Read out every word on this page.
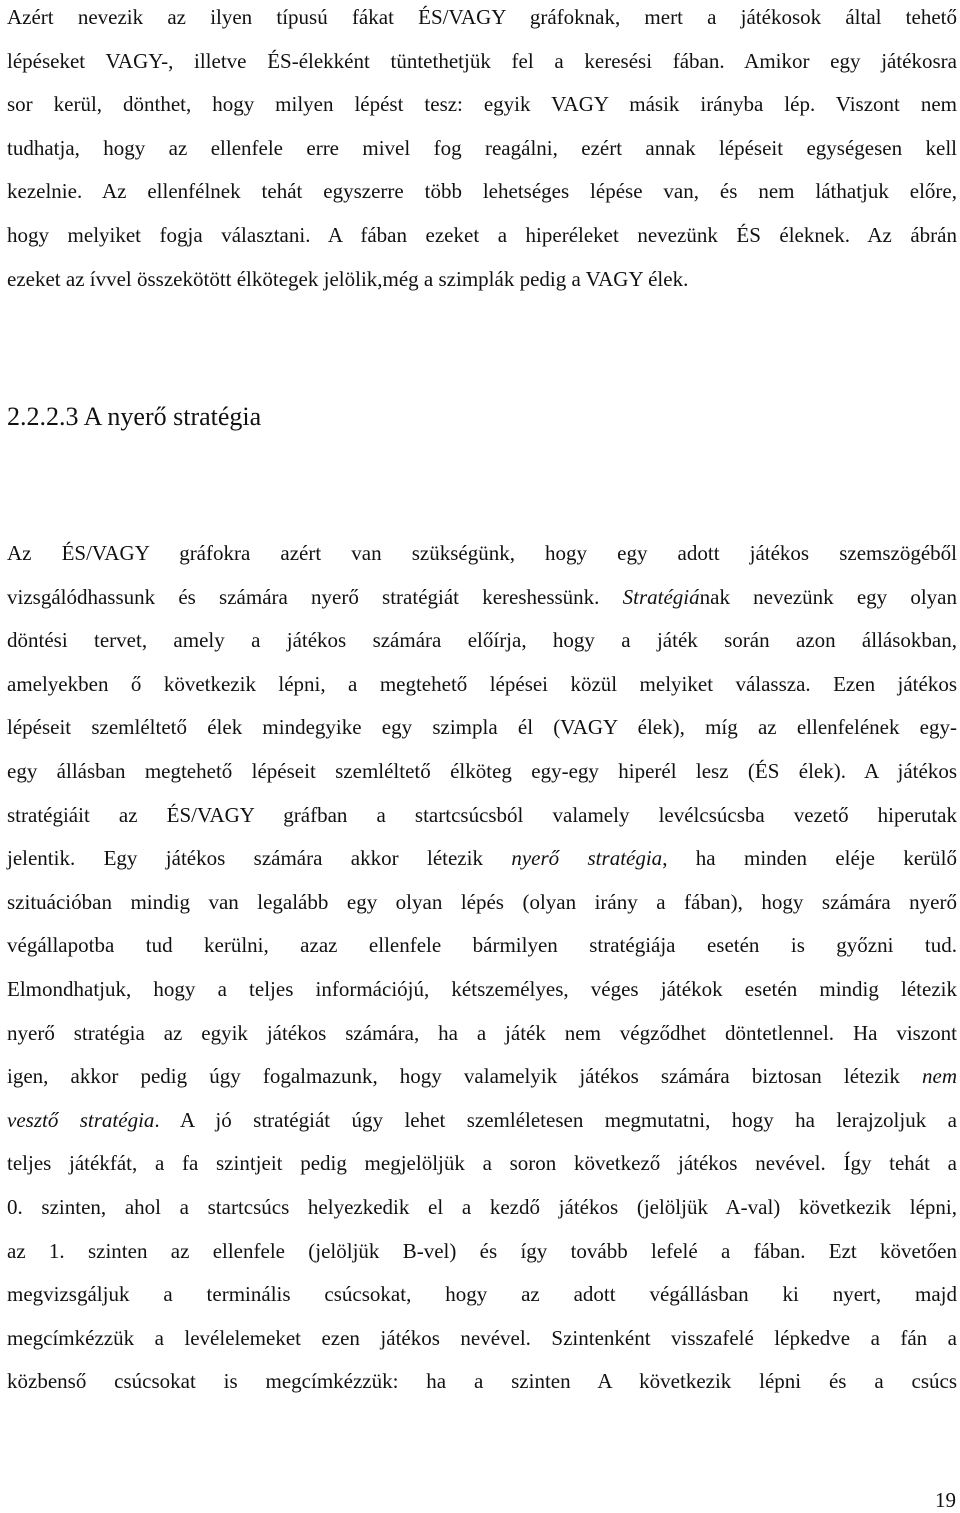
Azért nevezik az ilyen típusú fákat ÉS/VAGY gráfoknak, mert a játékosok által tehető
lépéseket VAGY-, illetve ÉS-élekként tüntethetjük fel a keresési fában. Amikor egy játékosra
sor kerül, dönthet, hogy milyen lépést tesz: egyik VAGY másik irányba lép. Viszont nem
tudhatja, hogy az ellenfele erre mivel fog reagálni, ezért annak lépéseit egységesen kell
kezelnie. Az ellenfélnek tehát egyszerre több lehetséges lépése van, és nem láthatjuk előre,
hogy melyiket fogja választani. A fában ezeket a hiperéleket nevezünk ÉS éleknek. Az ábrán
ezeket az ívvel összekötött élkötegek jelölik,még a szimplák pedig a VAGY élek.

2.2.2.3 A nyerő stratégia

Az ÉS/VAGY gráfokra azért van szükségünk, hogy egy adott játékos szemszögéből
vizsgálódhassunk és számára nyerő stratégiát kereshessünk. Stratégiának nevezünk egy olyan
döntési tervet, amely a játékos számára előírja, hogy a játék során azon állásokban,
amelyekben ő következik lépni, a megtehető lépései közül melyiket válassza. Ezen játékos
lépéseit szemléltető élek mindegyike egy szimpla él (VAGY élek), míg az ellenfelének egy-
egy állásban megtehető lépéseit szemléltető élköteg egy-egy hiperél lesz (ÉS élek). A játékos
stratégiáit az ÉS/VAGY gráfban a startcsúcsból valamely levélcsúcsba vezető hiperutak
jelentik. Egy játékos számára akkor létezik nyerő stratégia, ha minden eléje kerülő
szituációban mindig van legalább egy olyan lépés (olyan irány a fában), hogy számára nyerő
végállapotba tud kerülni, azaz ellenfele bármilyen stratégiája esetén is győzni tud.
Elmondhatjuk, hogy a teljes információjú, kétszemélyes, véges játékok esetén mindig létezik
nyerő stratégia az egyik játékos számára, ha a játék nem végződhet döntetlennel. Ha viszont
igen, akkor pedig úgy fogalmazunk, hogy valamelyik játékos számára biztosan létezik nem
vesztő stratégia. A jó stratégiát úgy lehet szemléletesen megmutatni, hogy ha lerajzoljuk a
teljes játékfát, a fa szintjeit pedig megjelöljük a soron következő játékos nevével. Így tehát a
0. szinten, ahol a startcsúcs helyezkedik el a kezdő játékos (jelöljük A-val) következik lépni,
az 1. szinten az ellenfele (jelöljük B-vel) és így tovább lefelé a fában. Ezt követően
megvizsgáljuk a terminális csúcsokat, hogy az adott végállásban ki nyert, majd
megcímkézzük a levélelemeket ezen játékos nevével. Szintenként visszafelé lépkedve a fán a
közbenső csúcsokat is megcímkézzük: ha a szinten A következik lépni és a csúcs

19
